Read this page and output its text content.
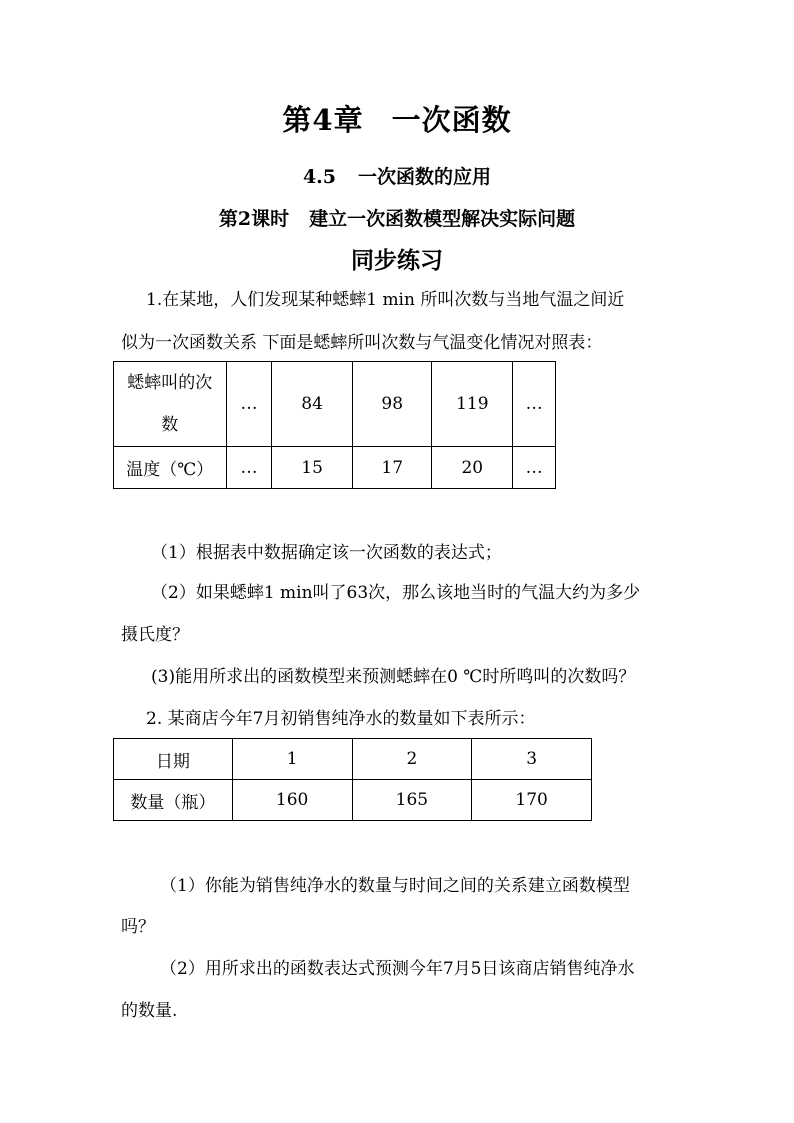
第4章 一次函数
4.5 一次函数的应用
第2课时 建立一次函数模型解决实际问题
同步练习
1.在某地，人们发现某种蟋蟀1 min 所叫次数与当地气温之间近
似为一次函数关系 下面是蟋蟀所叫次数与气温变化情况对照表：
蟋蟀叫的次
数	…	84	98	119	…
温度（℃）	…	15	17	20	…
（1）根据表中数据确定该一次函数的表达式；
（2）如果蟋蟀1 min叫了63次，那么该地当时的气温大约为多少
摄氏度？
(3)能用所求出的函数模型来预测蟋蟀在0 ℃时所鸣叫的次数吗？
2. 某商店今年7月初销售纯净水的数量如下表所示：
日期	1	2	3
数量（瓶）	160	165	170
（1）你能为销售纯净水的数量与时间之间的关系建立函数模型
吗？
（2）用所求出的函数表达式预测今年7月5日该商店销售纯净水
的数量.
